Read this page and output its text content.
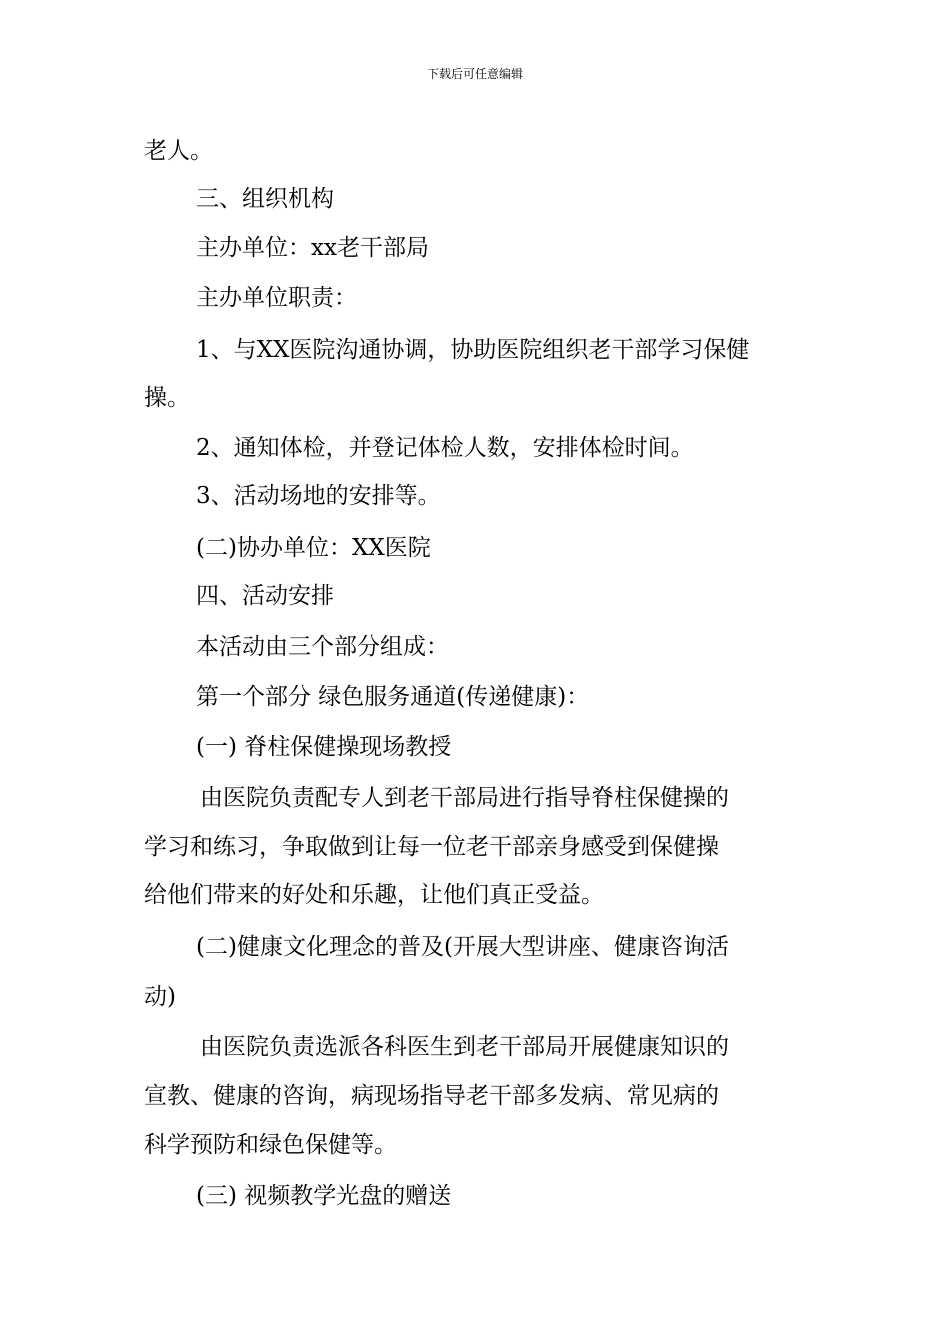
下载后可任意编辑
老人。
三、组织机构
主办单位：xx老干部局
主办单位职责：
1、与XX医院沟通协调，协助医院组织老干部学习保健
操。
2、通知体检，并登记体检人数，安排体检时间。
3、活动场地的安排等。
(二)协办单位：XX医院
四、活动安排
本活动由三个部分组成：
第一个部分 绿色服务通道(传递健康)：
(一) 脊柱保健操现场教授
由医院负责配专人到老干部局进行指导脊柱保健操的
学习和练习，争取做到让每一位老干部亲身感受到保健操
给他们带来的好处和乐趣，让他们真正受益。
(二)健康文化理念的普及(开展大型讲座、健康咨询活
动)
由医院负责选派各科医生到老干部局开展健康知识的
宣教、健康的咨询，病现场指导老干部多发病、常见病的
科学预防和绿色保健等。
(三) 视频教学光盘的赠送
